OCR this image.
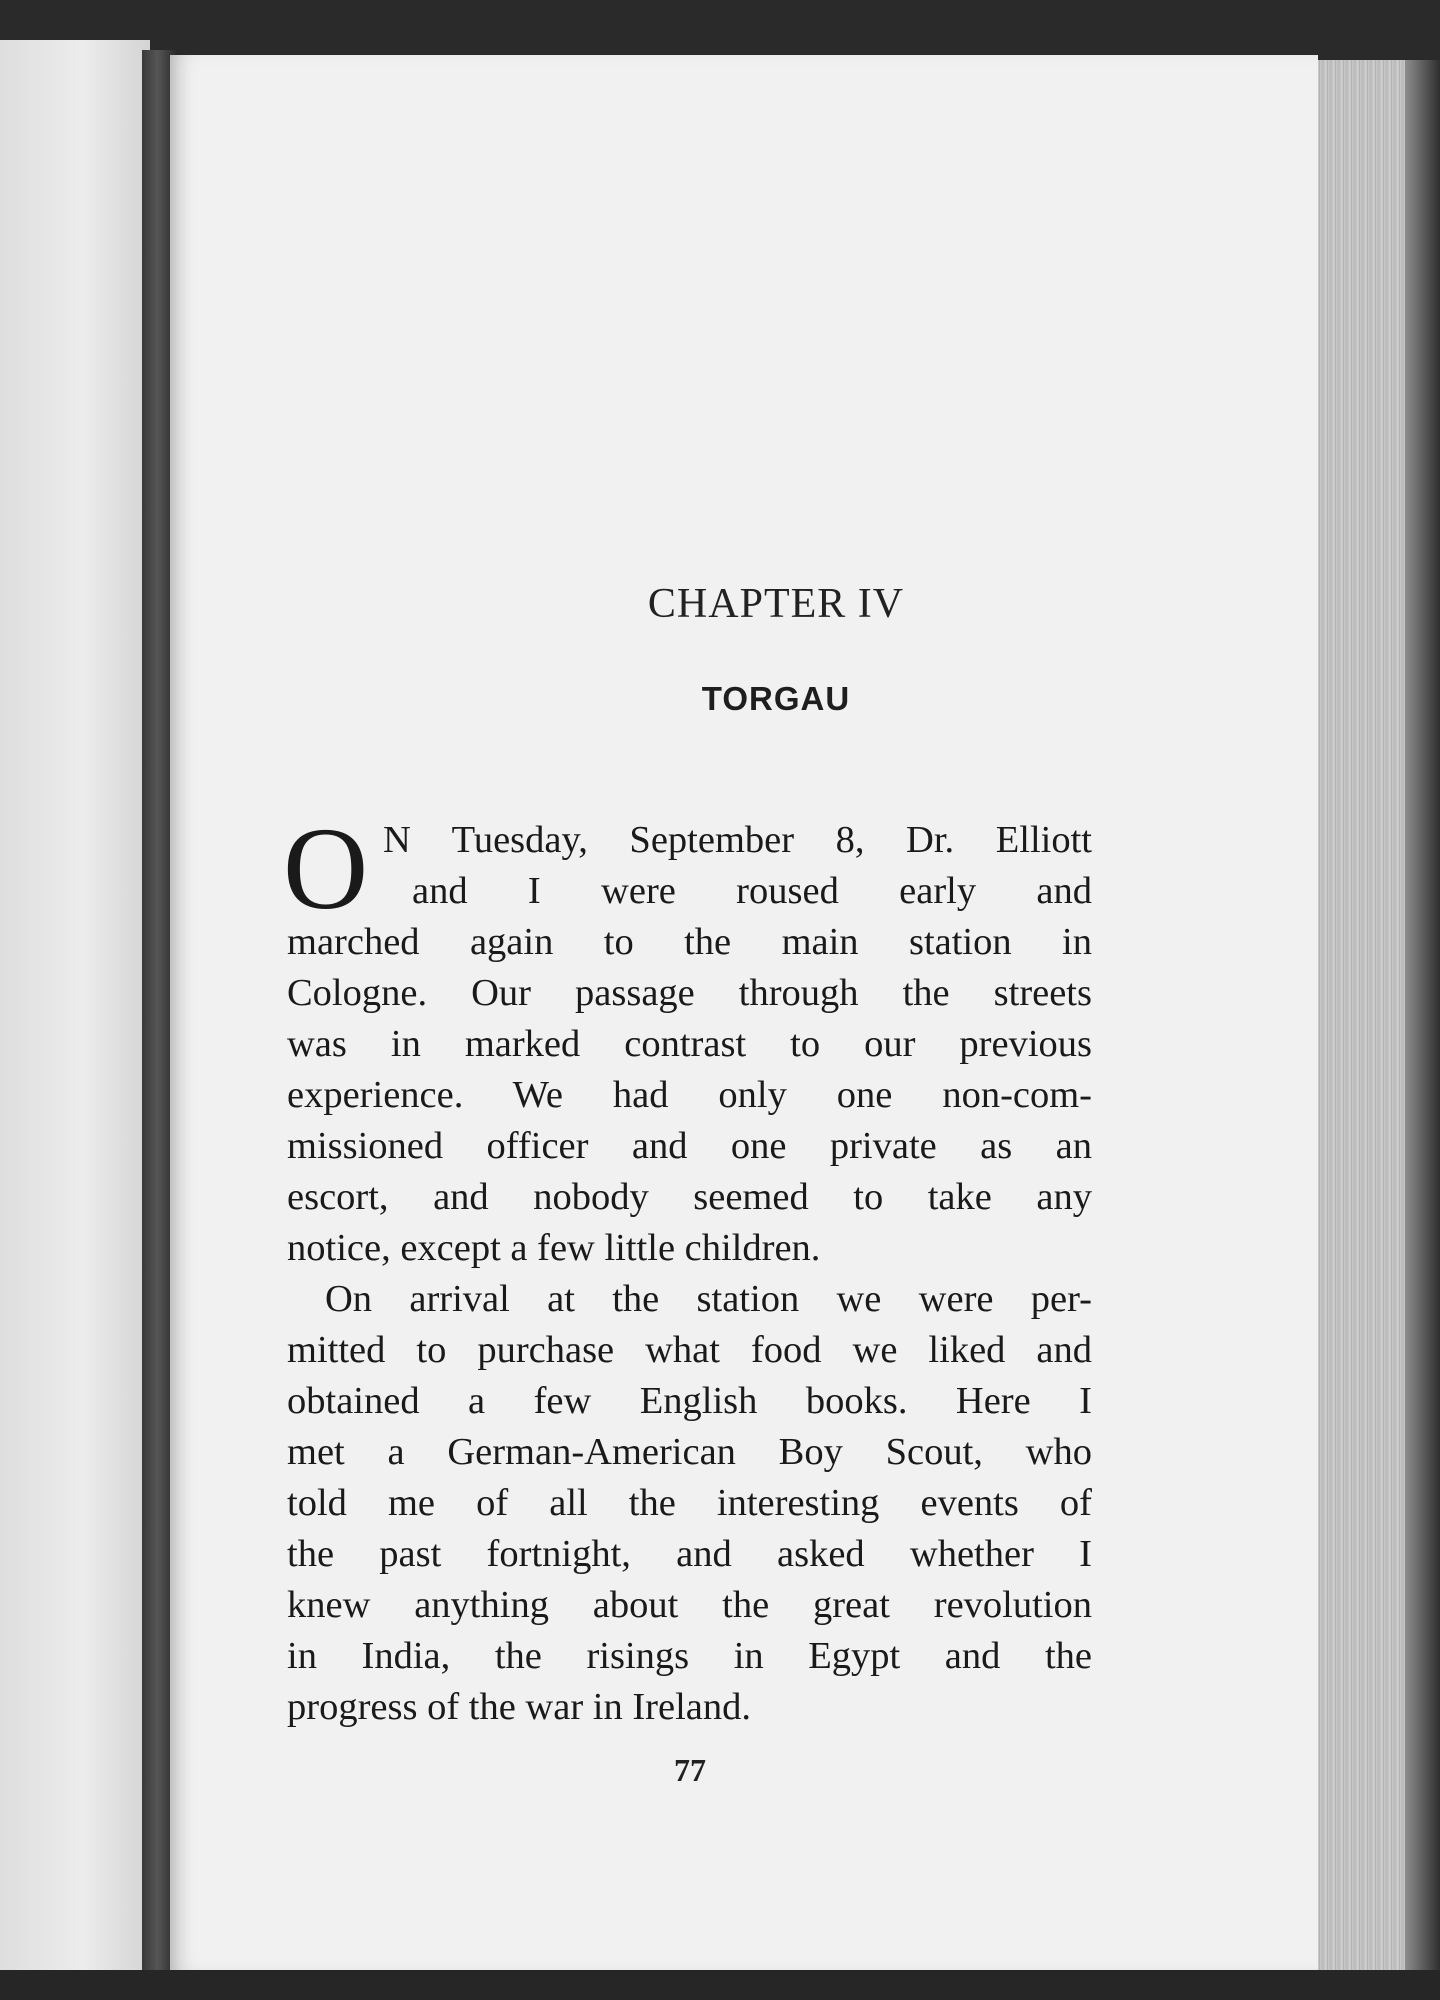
CHAPTER IV
TORGAU
O N Tuesday, September 8, Dr. Elliott
and I were roused early and
marched again to the main station in
Cologne. Our passage through the streets
was in marked contrast to our previous
experience. We had only one non-com-
missioned officer and one private as an
escort, and nobody seemed to take any
notice, except a few little children.
On arrival at the station we were per-
mitted to purchase what food we liked and
obtained a few English books. Here I
met a German-American Boy Scout, who
told me of all the interesting events of
the past fortnight, and asked whether I
knew anything about the great revolution
in India, the risings in Egypt and the
progress of the war in Ireland.
77
